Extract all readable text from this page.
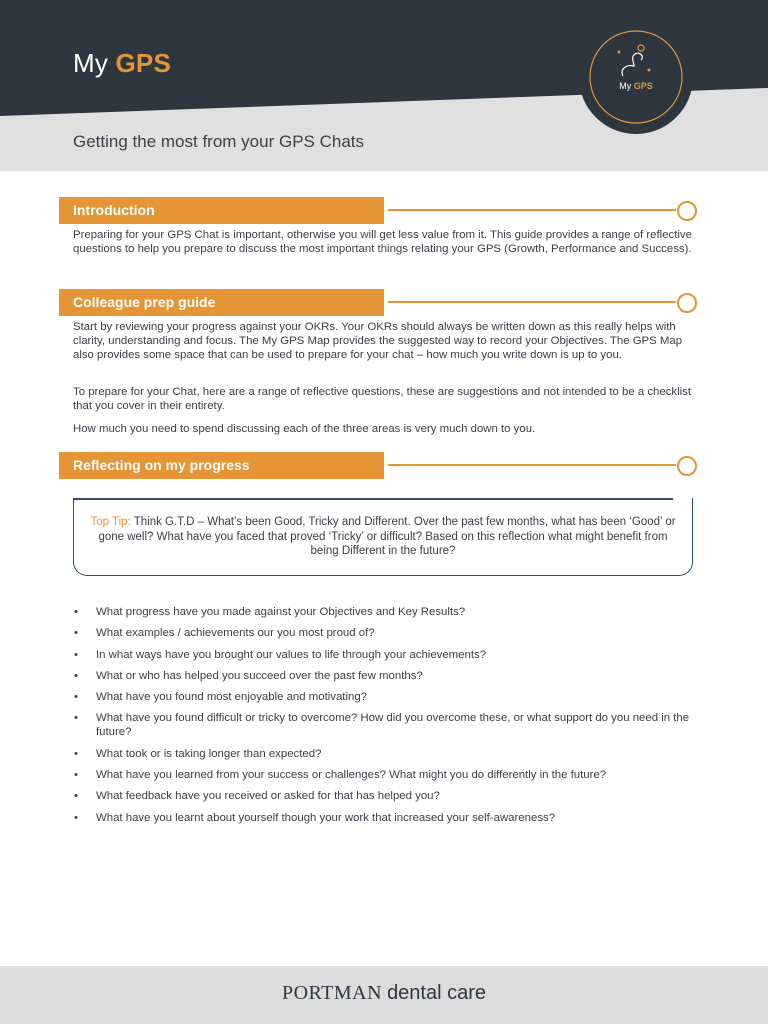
My GPS
Getting the most from your GPS Chats
My GPS
Introduction

Preparing for your GPS Chat is important, otherwise you will get less value from it. This guide provides a range of reflective questions to help you prepare to discuss the most important things relating your GPS (Growth, Performance and Success).

Colleague prep guide

Start by reviewing your progress against your OKRs. Your OKRs should always be written down as this really helps with clarity, understanding and focus. The My GPS Map provides the suggested way to record your Objectives. The GPS Map also provides some space that can be used to prepare for your chat – how much you write down is up to you.

To prepare for your Chat, here are a range of reflective questions, these are suggestions and not intended to be a checklist that you cover in their entirety.

How much you need to spend discussing each of the three areas is very much down to you.

Reflecting on my progress

Top Tip: Think G.T.D – What’s been Good, Tricky and Different. Over the past few months, what has been ‘Good’ or gone well? What have you faced that proved ‘Tricky’ or difficult? Based on this reflection what might benefit from being Different in the future?

• What progress have you made against your Objectives and Key Results?
• What examples / achievements our you most proud of?
• In what ways have you brought our values to life through your achievements?
• What or who has helped you succeed over the past few months?
• What have you found most enjoyable and motivating?
• What have you found difficult or tricky to overcome? How did you overcome these, or what support do you need in the future?
• What took or is taking longer than expected?
• What have you learned from your success or challenges? What might you do differently in the future?
• What feedback have you received or asked for that has helped you?
• What have you learnt about yourself though your work that increased your self-awareness?
PORTMAN dental care
